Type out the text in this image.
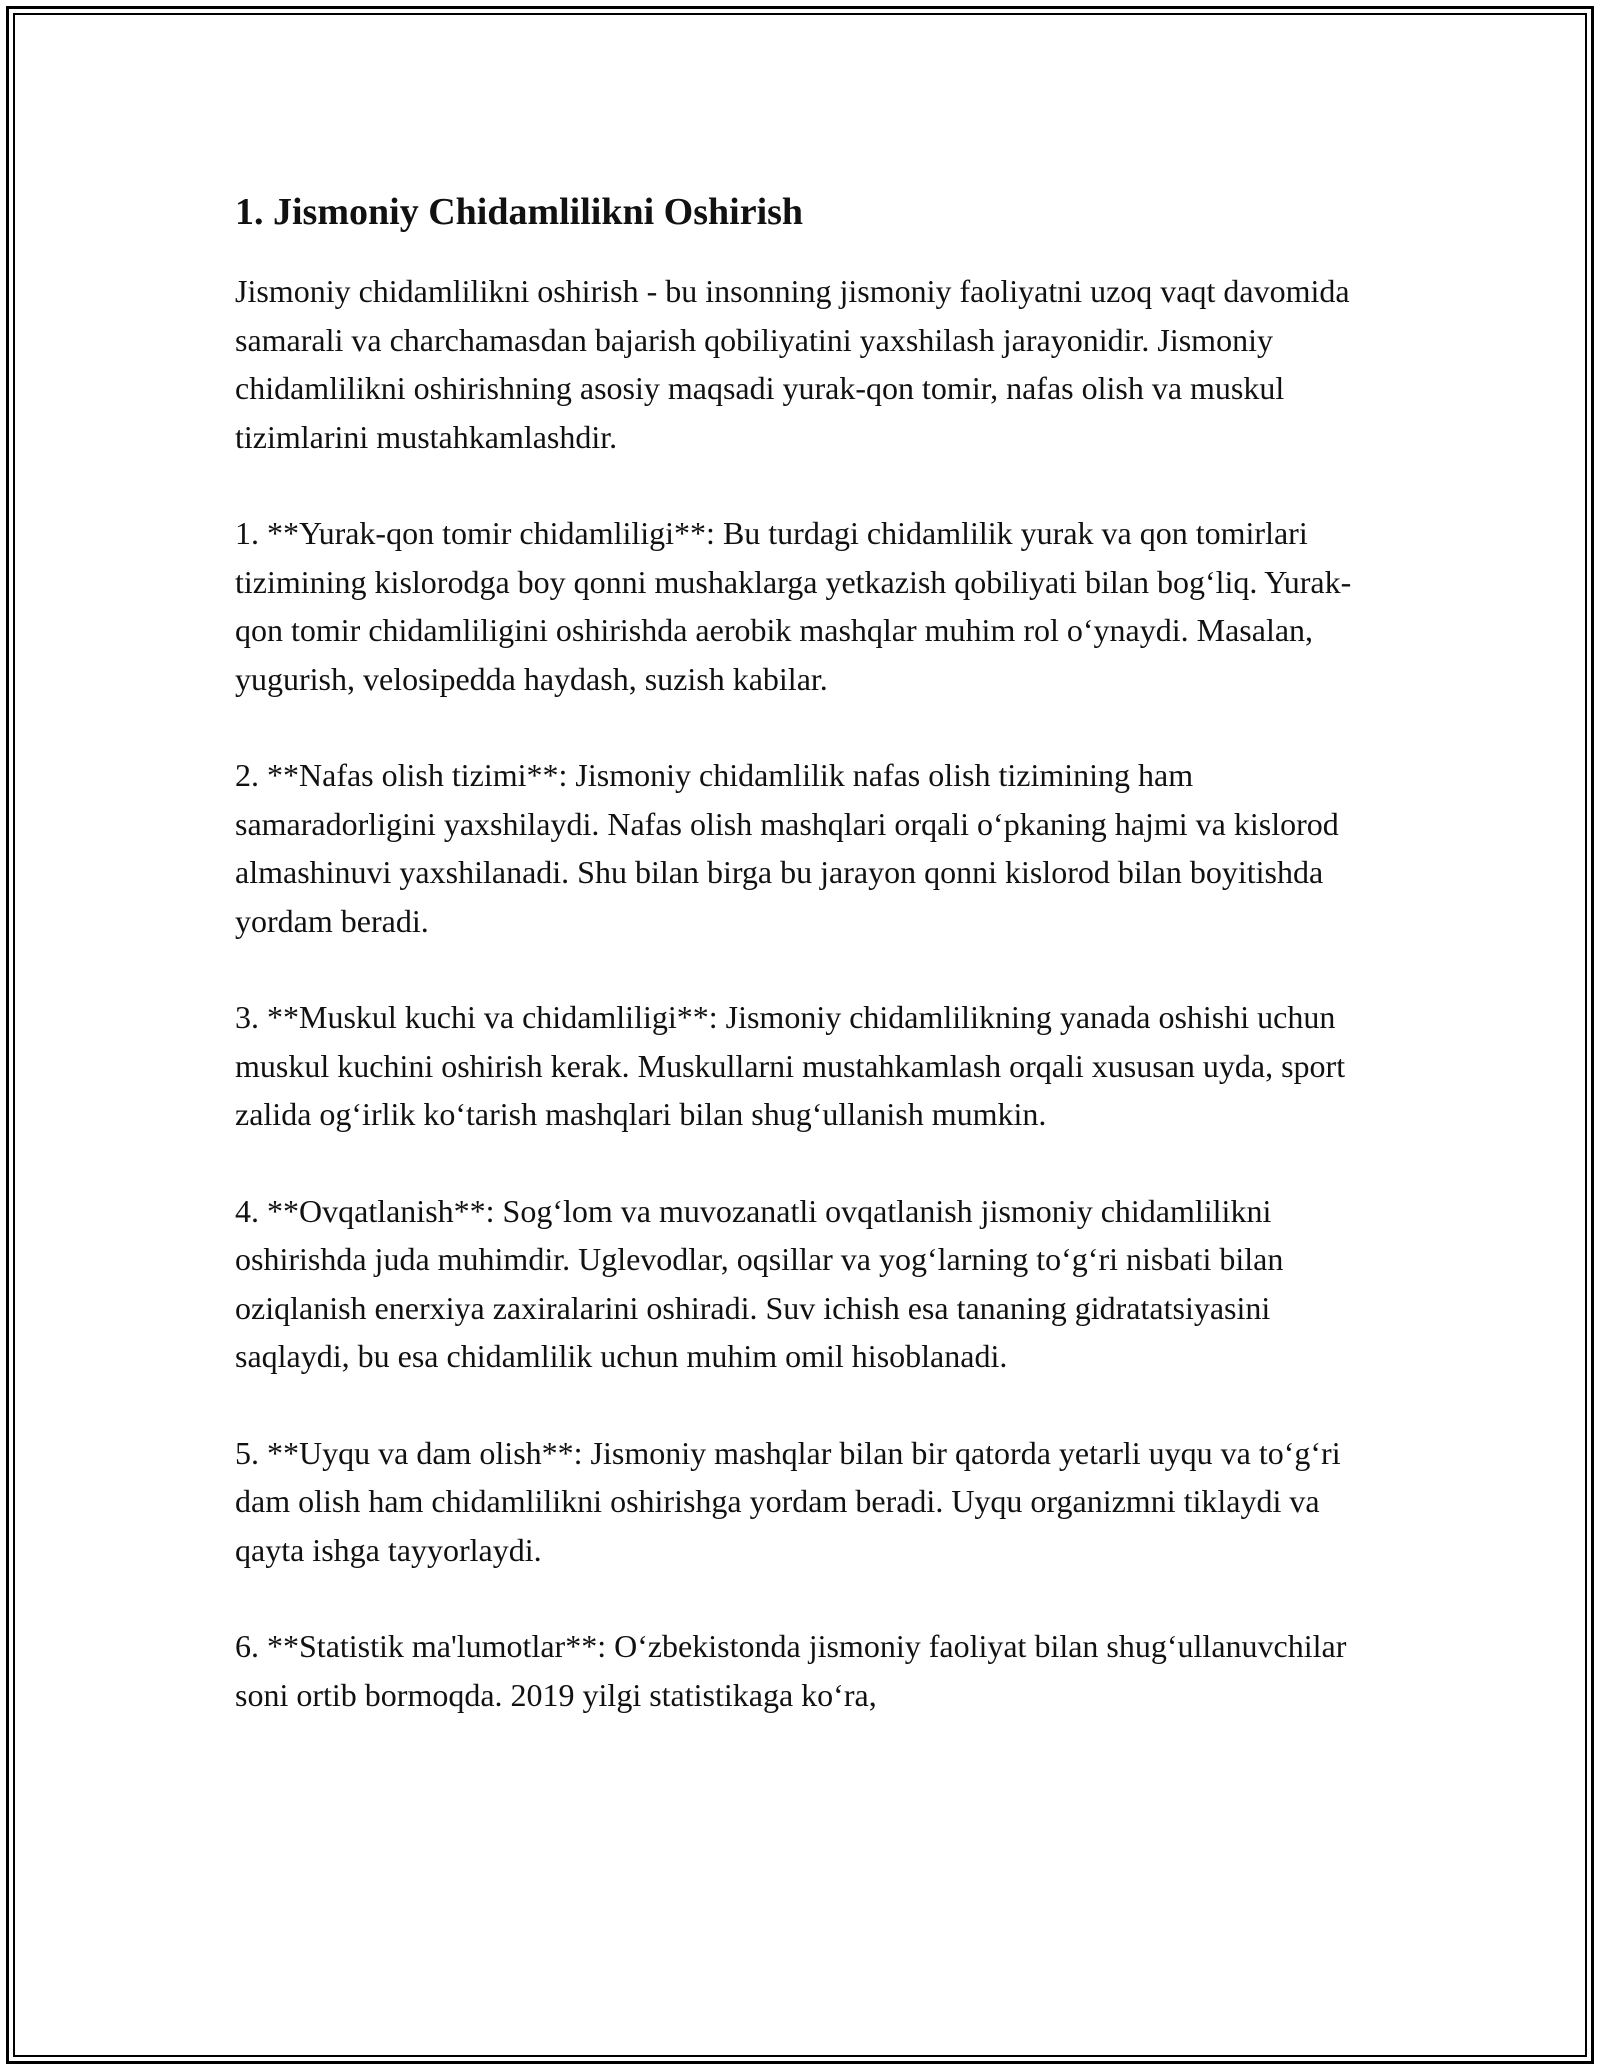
1. Jismoniy Chidamlilikni Oshirish

Jismoniy chidamlilikni oshirish - bu insonning jismoniy faoliyatni uzoq vaqt davomida samarali va charchamasdan bajarish qobiliyatini yaxshilash jarayonidir. Jismoniy chidamlilikni oshirishning asosiy maqsadi yurak-qon tomir, nafas olish va muskul tizimlarini mustahkamlashdir.

1. **Yurak-qon tomir chidamliligi**: Bu turdagi chidamlilik yurak va qon tomirlari tizimining kislorodga boy qonni mushaklarga yetkazish qobiliyati bilan bog‘liq. Yurak-qon tomir chidamliligini oshirishda aerobik mashqlar muhim rol o‘ynaydi. Masalan, yugurish, velosipedda haydash, suzish kabilar.

2. **Nafas olish tizimi**: Jismoniy chidamlilik nafas olish tizimining ham samaradorligini yaxshilaydi. Nafas olish mashqlari orqali o‘pkaning hajmi va kislorod almashinuvi yaxshilanadi. Shu bilan birga bu jarayon qonni kislorod bilan boyitishda yordam beradi.

3. **Muskul kuchi va chidamliligi**: Jismoniy chidamlilikning yanada oshishi uchun muskul kuchini oshirish kerak. Muskullarni mustahkamlash orqali xususan uyda, sport zalida og‘irlik ko‘tarish mashqlari bilan shug‘ullanish mumkin.

4. **Ovqatlanish**: Sog‘lom va muvozanatli ovqatlanish jismoniy chidamlilikni oshirishda juda muhimdir. Uglevodlar, oqsillar va yog‘larning to‘g‘ri nisbati bilan oziqlanish enerxiya zaxiralarini oshiradi. Suv ichish esa tananing gidratatsiyasini saqlaydi, bu esa chidamlilik uchun muhim omil hisoblanadi.

5. **Uyqu va dam olish**: Jismoniy mashqlar bilan bir qatorda yetarli uyqu va to‘g‘ri dam olish ham chidamlilikni oshirishga yordam beradi. Uyqu organizmni tiklaydi va qayta ishga tayyorlaydi.

6. **Statistik ma'lumotlar**: O‘zbekistonda jismoniy faoliyat bilan shug‘ullanuvchilar soni ortib bormoqda. 2019 yilgi statistikaga ko‘ra,
